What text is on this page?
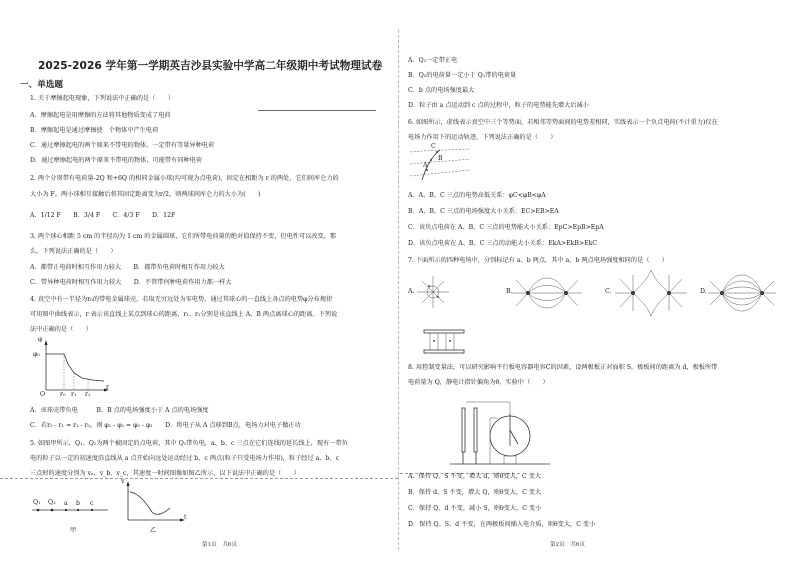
2025-2026 学年第一学期英吉沙县实验中学高二年级期中考试物理试卷
一、单选题
1. 关于摩擦起电现象，下列说法中正确的是（　　）
A．摩擦起电是用摩擦的方法将其他物质变成了电荷
B．摩擦起电是通过摩擦使　个物体中产生电荷
C．通过摩擦起电的两个原来不带电的物体，一定带有等量异种电荷
D．通过摩擦起电的两个原来不带电的物体，可能带有同种电荷
2. 两个分别带有电荷量-2Q 和+6Q 的相同金属小球(均可视为点电荷)，固定在相距为 r 的两处，它们间库仑力的
大小为 F。两小球相互接触后将其固定距离变为r/2，则两球间库仑力的大小为(　　)
A．1/12 F　　B．3/4 F　　C．4/3 F　　D．12F
3. 两个球心相距 5 cm 的半径均为 1 cm 的金属圆球，它们所带电荷量的绝对值保持不变，但电性可以改变，那
么，下列说法正确的是（　　）
A．都带正电荷时相互作用力较大　　B．都带负电荷时相互作用力较大
C．带异种电荷时相互作用力较大　　D．不管带何种电荷作用力都一样大
4. 真空中有一半径为r₀的带电金属球壳，若取无穷远处为零电势，通过其球心的一直线上各点的电势φ分布规律
可用图中曲线表示，r 表示该直线上某点到球心的距离，r₁、r₂分别是该直线上 A、B 两点离球心的距离。下列说
法中正确的是（　　）
φ
φ₀
O r₀ r₁ r₂
r
A．该球壳带负电　　　B．B 点的电场强度小于 A 点的电场强度
C．若r₂ - r₁ = r₁ - r₀，则 φ₁ - φ₂ = φ₀ - φ₁　　D．将电子从 A 点移到B点，电场力对电子做正功
5. 如图甲所示，Q₁、Q₂为两个被固定的点电荷，其中 Q₁带负电，a、b、c 三点在它们连线的延长线上，现有一带负
电的粒子以一定的初速度沿直线从 a 点开始向远处运动经过 b、c 两点(粒子只受电场力作用)，粒子经过 a、b、c
三点时的速度分别为 vₐ、v_b、v_c，其速度一时间图像如图乙所示，以下说法中正确的是（　　）
Q₁ Q₂ a b c
甲
v
t
乙
第1页　共6页
A．Q₁一定带正电
B．Q₂的电荷量一定小于 Q₁带的电荷量
C．b 点的电场强度最大
D．粒子由 a 点运动到 c 点的过程中，粒子的电势能先增大后减小
6. 如图所示，虚线表示真空中三个等势面，若相邻等势面间的电势差相同，实线表示一个负点电荷(不计重力)仅在
电场力作用下的运动轨迹，下列说法正确的是（　　）
A
B
C
A．A、B、C 三点的电势高低关系：φC<φB<φA
B．A、B、C 三点的电场强度大小关系：EC>EB>EA
C．该负点电荷在 A、B、C 三点的电势能大小关系：EpC>EpB>EpA
D．该负点电荷在 A、B、C 三点的动能大小关系：EkA>EkB>EkC
7. 下面所示的四种电场中，分别标记有 a、b 两点，其中 a、b 两点电场强度相同的是（　　）
A.	B.	C.	D.
8. 用控制变量法，可以研究影响平行板电容器电容C的因素，设两极板正对面积 S，极板间的距离为 d，极板所带
电荷量为 Q，静电计指针偏角为θ，实验中（　　）
A．保持 Q、S 不变，增大 d，则θ变大，C 变大
B．保持 d、S 不变，增大 Q，则θ变大，C 变大
C．保持 Q、d 不变，减小 S，则θ变大，C 变小
D．保持 Q、S、d 不变，在两极板间插入电介质，则θ变大，C 变小
第2页　共6页
